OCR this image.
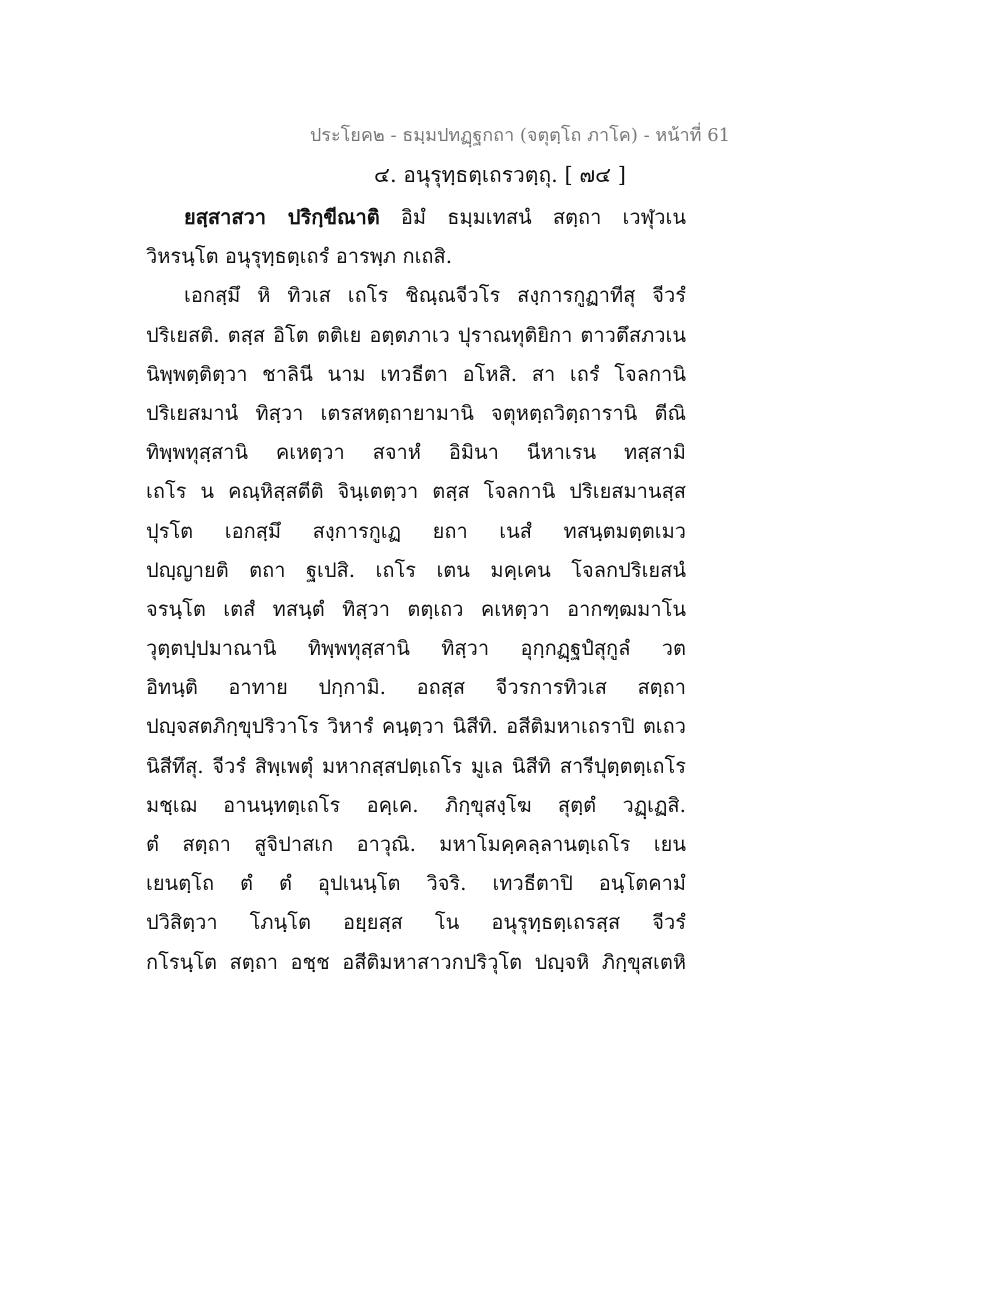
ประโยค๒ - ธมฺมปทฏฺฐกถา (จตุตฺโถ ภาโค) - หน้าที่ 61
๔. อนุรุทฺธตฺเถรวตฺถุ. [ ๗๔ ]
ยสฺสาสวา ปริกฺขีณาติ อิมํ ธมฺมเทสนํ สตฺถา เวฬุวเน
วิหรนฺโต อนุรุทฺธตฺเถรํ อารพฺภ กเถสิ.
เอกสฺมึ หิ ทิวเส เถโร ชิณฺณจีวโร สงฺการกูฏาทีสุ จีวรํ
ปริเยสติ. ตสฺส อิโต ตติเย อตฺตภาเว ปุราณทุติยิกา ตาวตึสภวเน
นิพฺพตฺติตฺวา ชาลินี นาม เทวธีตา อโหสิ. สา เถรํ โจลกานิ
ปริเยสมานํ ทิสฺวา เตรสหตฺถายามานิ จตุหตฺถวิตฺถารานิ ตีณิ
ทิพฺพทุสฺสานิ คเหตฺวา สจาหํ อิมินา นีหาเรน ทสฺสามิ
เถโร น คณฺหิสฺสตีติ จินฺเตตฺวา ตสฺส โจลกานิ ปริเยสมานสฺส
ปุรโต เอกสฺมึ สงฺการกูเฏ ยถา เนสํ ทสนฺตมตฺตเมว
ปญฺญายติ ตถา ฐเปสิ. เถโร เตน มคฺเคน โจลกปริเยสนํ
จรนฺโต เตสํ ทสนฺตํ ทิสฺวา ตตฺเถว คเหตฺวา อากฑฺฒมาโน
วุตฺตปฺปมาณานิ ทิพฺพทุสฺสานิ ทิสฺวา อุกฺกฏฺฐปํสุกูลํ วต
อิทนฺติ อาทาย ปกฺกามิ. อถสฺส จีวรการทิวเส สตฺถา
ปญฺจสตภิกฺขุปริวาโร วิหารํ คนฺตฺวา นิสีทิ. อสีติมหาเถราปิ ตเถว
นิสีทึสุ. จีวรํ สิพฺเพตุํ มหากสฺสปตฺเถโร มูเล นิสีทิ สารีปุตฺตตฺเถโร
มชฺเฌ อานนฺทตฺเถโร อคฺเค. ภิกฺขุสงฺโฆ สุตฺตํ วฏฺเฏสิ.
ตํ สตฺถา สูจิปาสเก อาวุณิ. มหาโมคฺคลฺลานตฺเถโร เยน
เยนตฺโถ ตํ ตํ อุปเนนฺโต วิจริ. เทวธีตาปิ อนฺโตคามํ
ปวิสิตฺวา โภนฺโต อยฺยสฺส โน อนุรุทฺธตฺเถรสฺส จีวรํ
กโรนฺโต สตฺถา อชฺช อสีติมหาสาวกปริวุโต ปญฺจหิ ภิกฺขุสเตหิ
